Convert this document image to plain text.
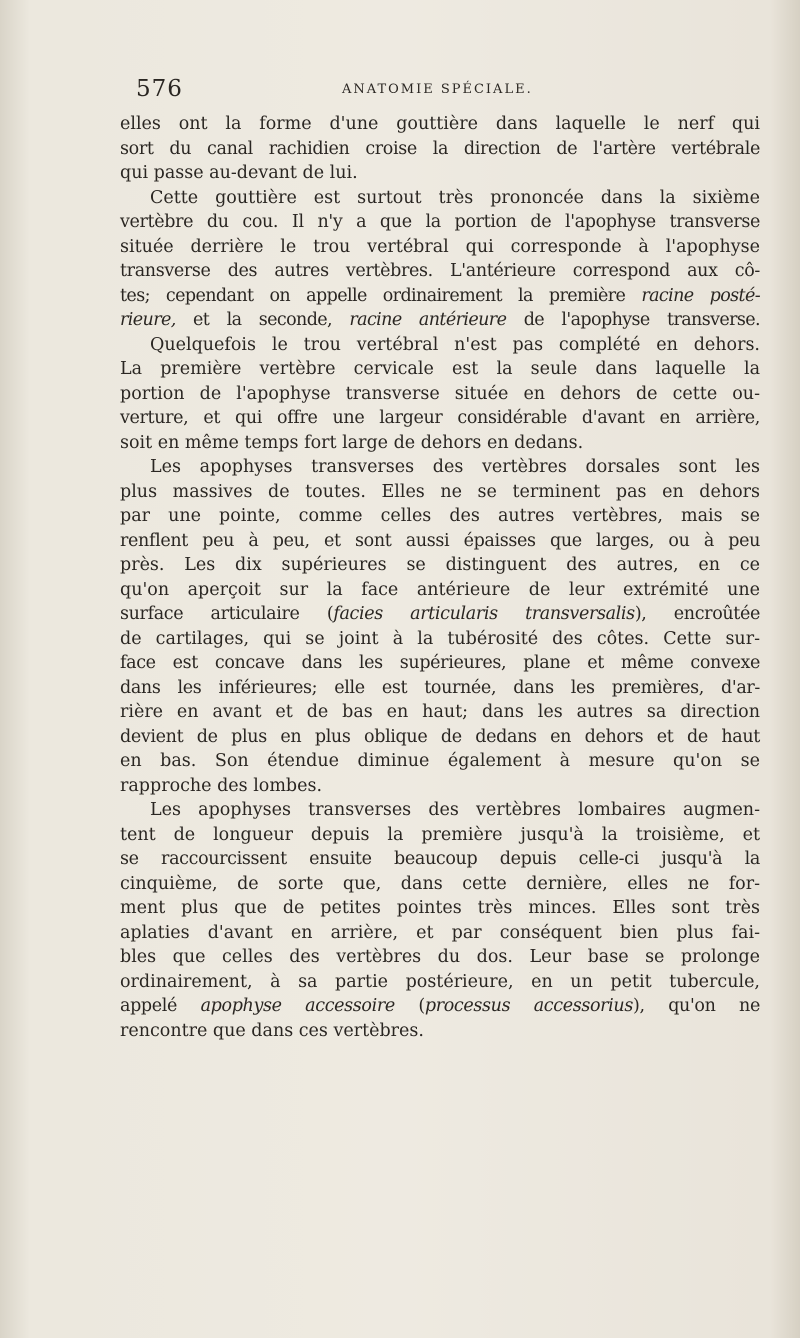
576	ANATOMIE SPÉCIALE.
elles ont la forme d'une gouttière dans laquelle le nerf qui
sort du canal rachidien croise la direction de l'artère vertébrale
qui passe au-devant de lui.
Cette gouttière est surtout très prononcée dans la sixième
vertèbre du cou. Il n'y a que la portion de l'apophyse transverse
située derrière le trou vertébral qui corresponde à l'apophyse
transverse des autres vertèbres. L'antérieure correspond aux cô-
tes; cependant on appelle ordinairement la première racine posté-
rieure, et la seconde, racine antérieure de l'apophyse transverse.
Quelquefois le trou vertébral n'est pas complété en dehors.
La première vertèbre cervicale est la seule dans laquelle la
portion de l'apophyse transverse située en dehors de cette ou-
verture, et qui offre une largeur considérable d'avant en arrière,
soit en même temps fort large de dehors en dedans.
Les apophyses transverses des vertèbres dorsales sont les
plus massives de toutes. Elles ne se terminent pas en dehors
par une pointe, comme celles des autres vertèbres, mais se
renflent peu à peu, et sont aussi épaisses que larges, ou à peu
près. Les dix supérieures se distinguent des autres, en ce
qu'on aperçoit sur la face antérieure de leur extrémité une
surface articulaire (facies articularis transversalis), encroûtée
de cartilages, qui se joint à la tubérosité des côtes. Cette sur-
face est concave dans les supérieures, plane et même convexe
dans les inférieures; elle est tournée, dans les premières, d'ar-
rière en avant et de bas en haut; dans les autres sa direction
devient de plus en plus oblique de dedans en dehors et de haut
en bas. Son étendue diminue également à mesure qu'on se
rapproche des lombes.
Les apophyses transverses des vertèbres lombaires augmen-
tent de longueur depuis la première jusqu'à la troisième, et
se raccourcissent ensuite beaucoup depuis celle-ci jusqu'à la
cinquième, de sorte que, dans cette dernière, elles ne for-
ment plus que de petites pointes très minces. Elles sont très
aplaties d'avant en arrière, et par conséquent bien plus fai-
bles que celles des vertèbres du dos. Leur base se prolonge
ordinairement, à sa partie postérieure, en un petit tubercule,
appelé apophyse accessoire (processus accessorius), qu'on ne
rencontre que dans ces vertèbres.
